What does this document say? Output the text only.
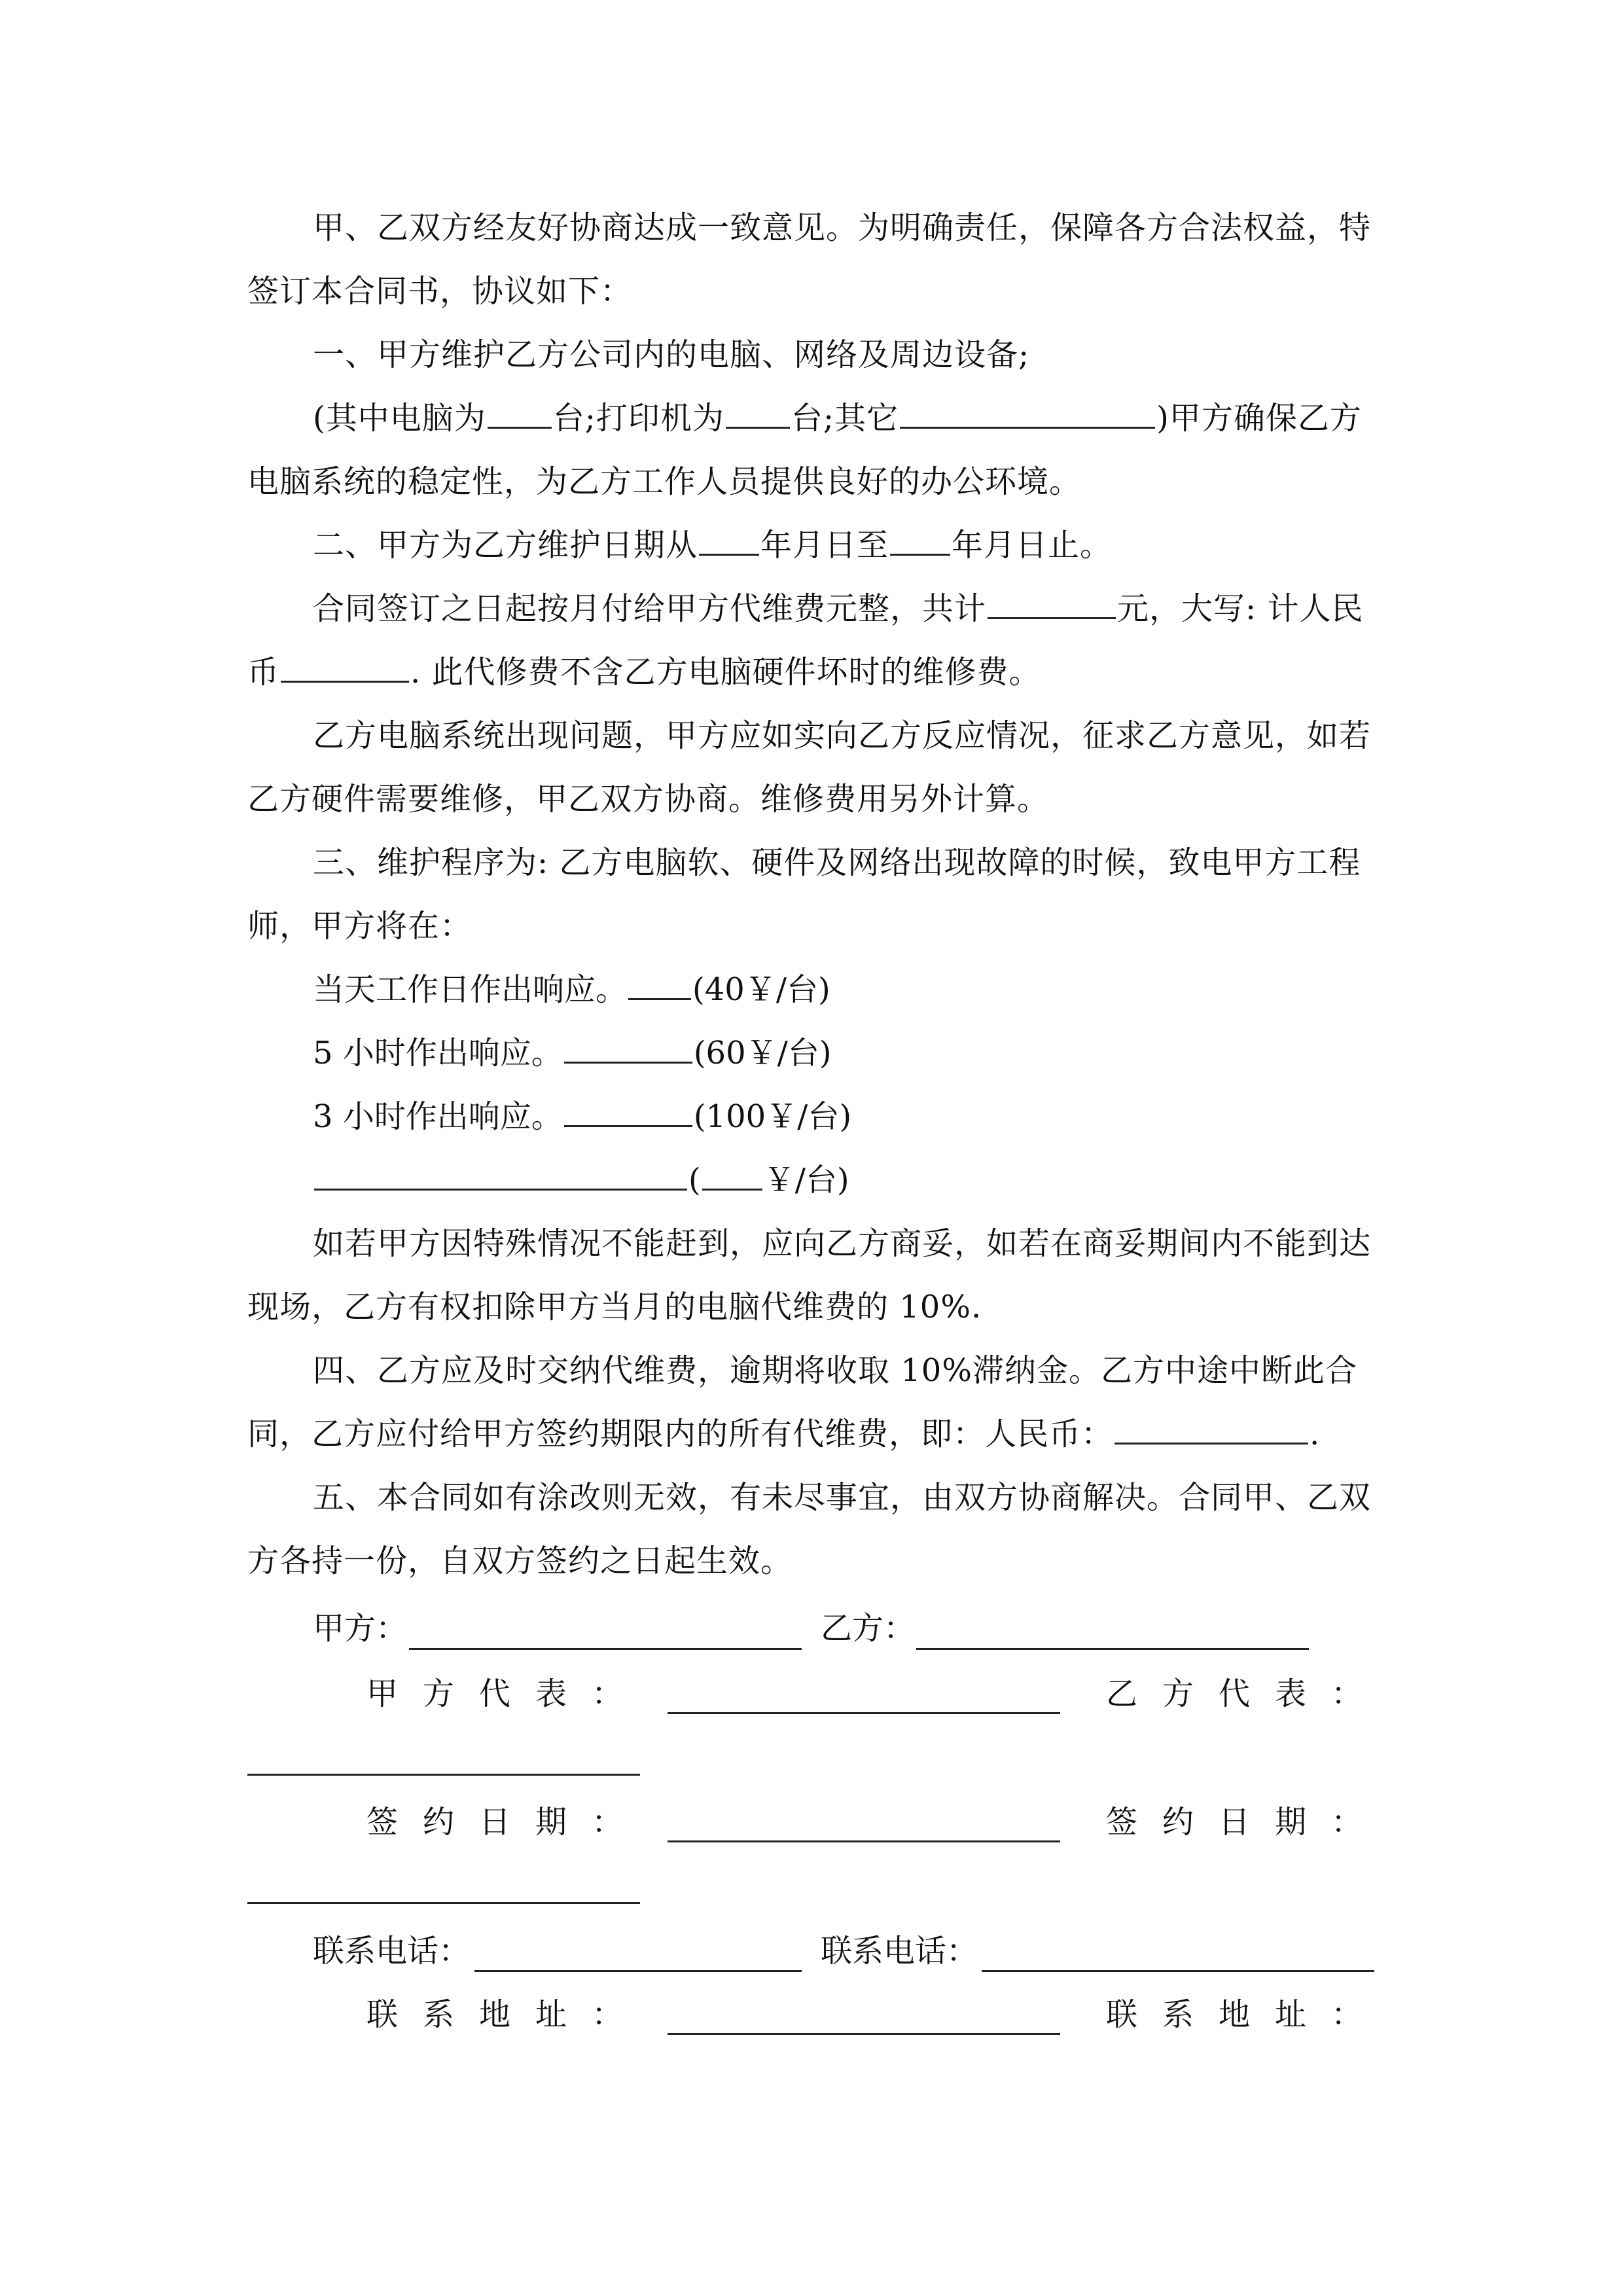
甲、乙双方经友好协商达成一致意见。为明确责任，保障各方合法权益，特签订本合同书，协议如下：

一、甲方维护乙方公司内的电脑、网络及周边设备;

(其中电脑为 台;打印机为 台;其它	)甲方确保乙方电脑系统的稳定性，为乙方工作人员提供良好的办公环境。

二、甲方为乙方维护日期从 年月日至 年月日止。

合同签订之日起按月付给甲方代维费元整，共计	元，大写: 计人民币	. 此代修费不含乙方电脑硬件坏时的维修费。

乙方电脑系统出现问题，甲方应如实向乙方反应情况，征求乙方意见，如若乙方硬件需要维修，甲乙双方协商。维修费用另外计算。

三、维护程序为: 乙方电脑软、硬件及网络出现故障的时候，致电甲方工程师，甲方将在：

当天工作日作出响应。 (40￥/台)

5 小时作出响应。	(60￥/台)

3 小时作出响应。	(100￥/台)

( ￥/台)

如若甲方因特殊情况不能赶到，应向乙方商妥，如若在商妥期间内不能到达现场，乙方有权扣除甲方当月的电脑代维费的 10%.

四、乙方应及时交纳代维费，逾期将收取 10%滞纳金。乙方中途中断此合同，乙方应付给甲方签约期限内的所有代维费，即：人民币：	.

五、本合同如有涂改则无效，有未尽事宜，由双方协商解决。合同甲、乙双方各持一份，自双方签约之日起生效。

甲方：	乙方：
甲方代表：	乙方代表：
签约日期：	签约日期：
联系电话：	联系电话：
联系地址：	联系地址：
